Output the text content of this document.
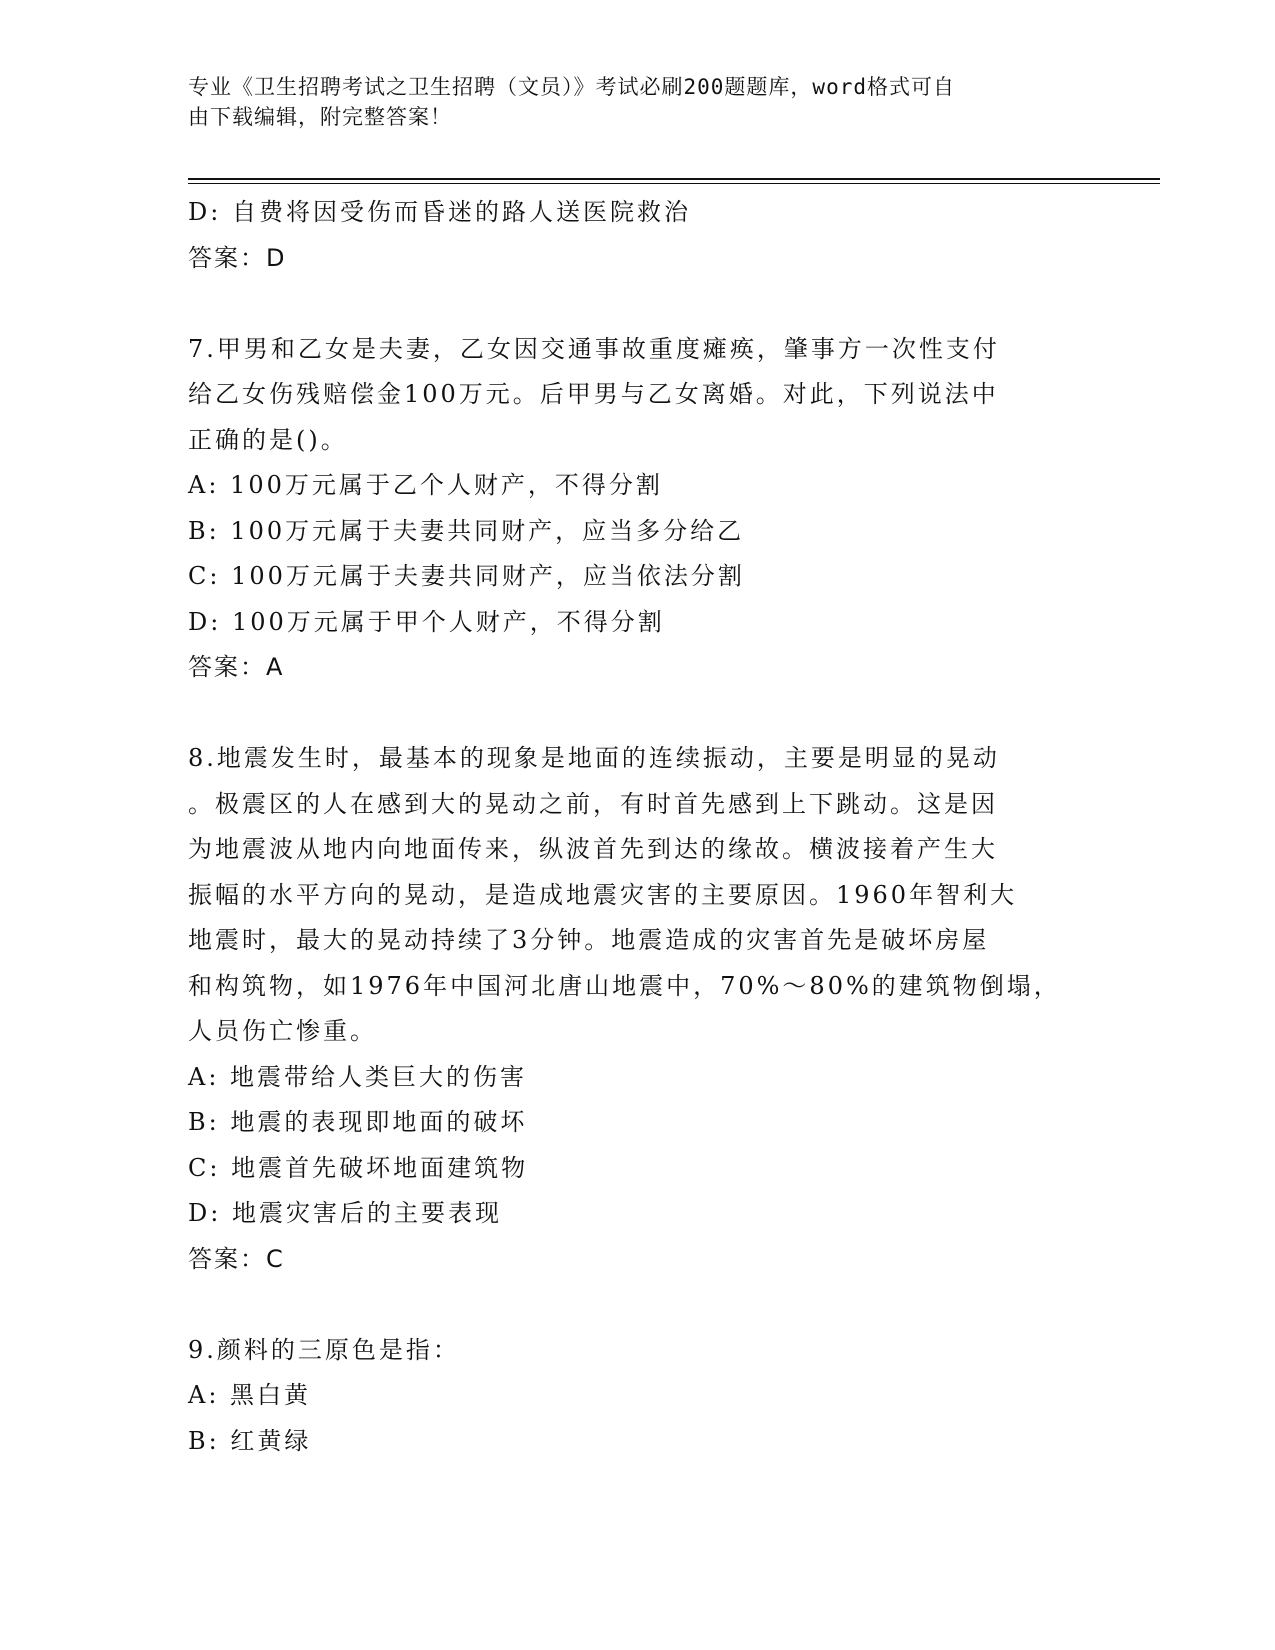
专业《卫生招聘考试之卫生招聘（文员）》考试必刷200题题库，word格式可自
由下载编辑，附完整答案！
D: 自费将因受伤而昏迷的路人送医院救治
答案：D
7.甲男和乙女是夫妻，乙女因交通事故重度瘫痪，肇事方一次性支付
给乙女伤残赔偿金100万元。后甲男与乙女离婚。对此，下列说法中
正确的是()。
A: 100万元属于乙个人财产，不得分割
B: 100万元属于夫妻共同财产，应当多分给乙
C: 100万元属于夫妻共同财产，应当依法分割
D: 100万元属于甲个人财产，不得分割
答案：A
8.地震发生时，最基本的现象是地面的连续振动，主要是明显的晃动
。极震区的人在感到大的晃动之前，有时首先感到上下跳动。这是因
为地震波从地内向地面传来，纵波首先到达的缘故。横波接着产生大
振幅的水平方向的晃动，是造成地震灾害的主要原因。1960年智利大
地震时，最大的晃动持续了3分钟。地震造成的灾害首先是破坏房屋
和构筑物，如1976年中国河北唐山地震中，70%～80%的建筑物倒塌，
人员伤亡惨重。
A: 地震带给人类巨大的伤害
B: 地震的表现即地面的破坏
C: 地震首先破坏地面建筑物
D: 地震灾害后的主要表现
答案：C
9.颜料的三原色是指：
A: 黑白黄
B: 红黄绿
